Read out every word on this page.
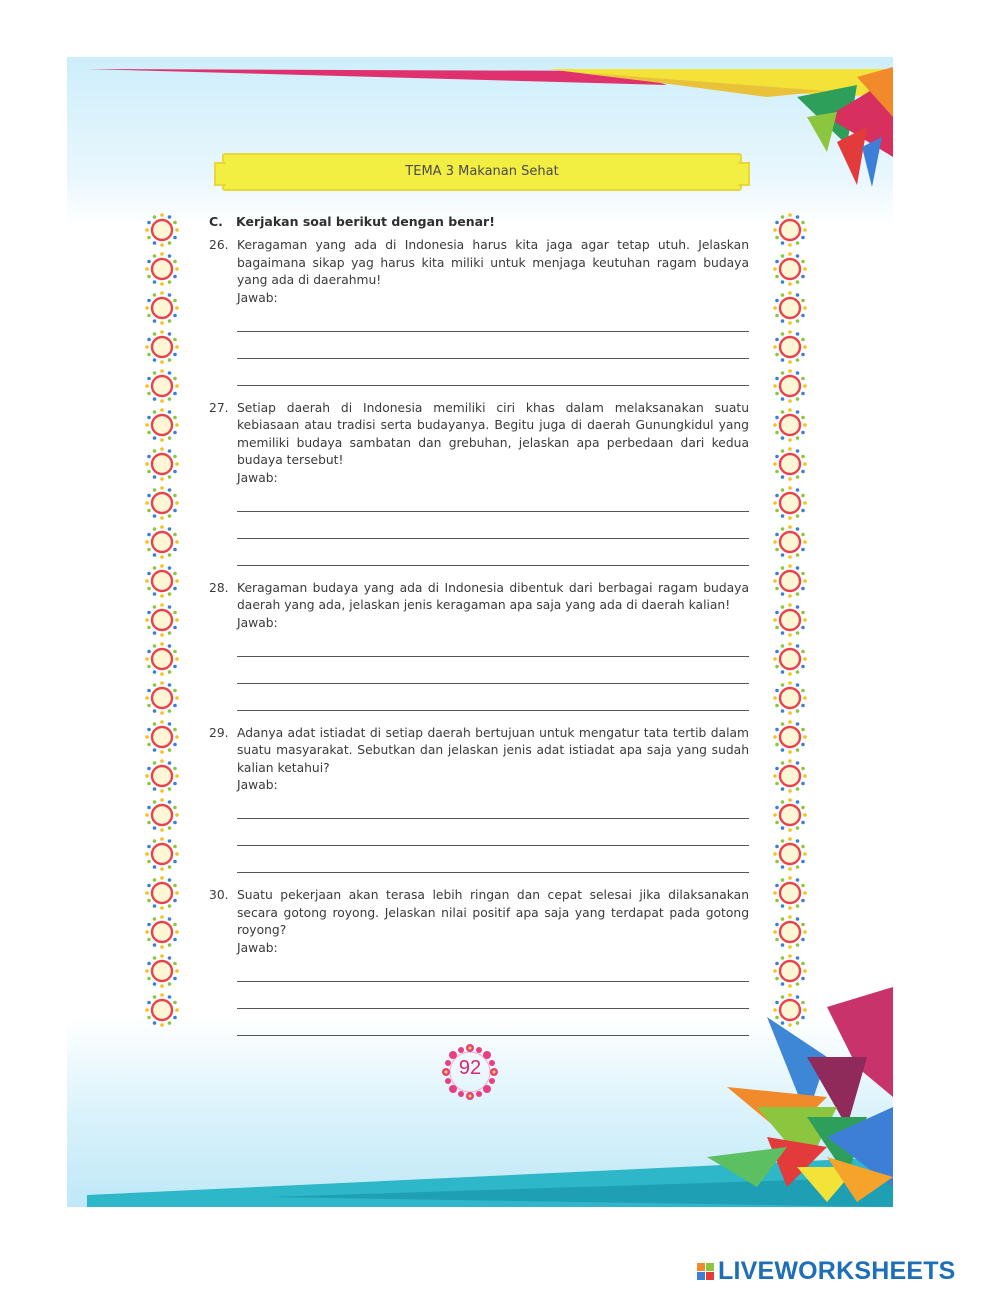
TEMA 3 Makanan Sehat
C.	Kerjakan soal berikut dengan benar!
26. Keragaman yang ada di Indonesia harus kita jaga agar tetap utuh. Jelaskan bagaimana sikap yag harus kita miliki untuk menjaga keutuhan ragam budaya yang ada di daerahmu!
Jawab:
27. Setiap daerah di Indonesia memiliki ciri khas dalam melaksanakan suatu kebiasaan atau tradisi serta budayanya. Begitu juga di daerah Gunungkidul yang memiliki budaya sambatan dan grebuhan, jelaskan apa perbedaan dari kedua budaya tersebut!
Jawab:
28. Keragaman budaya yang ada di Indonesia dibentuk dari berbagai ragam budaya daerah yang ada, jelaskan jenis keragaman apa saja yang ada di daerah kalian!
Jawab:
29. Adanya adat istiadat di setiap daerah bertujuan untuk mengatur tata tertib dalam suatu masyarakat. Sebutkan dan jelaskan jenis adat istiadat apa saja yang sudah kalian ketahui?
Jawab:
30. Suatu pekerjaan akan terasa lebih ringan dan cepat selesai jika dilaksanakan secara gotong royong. Jelaskan nilai positif apa saja yang terdapat pada gotong royong?
Jawab:
92
LIVEWORKSHEETS
